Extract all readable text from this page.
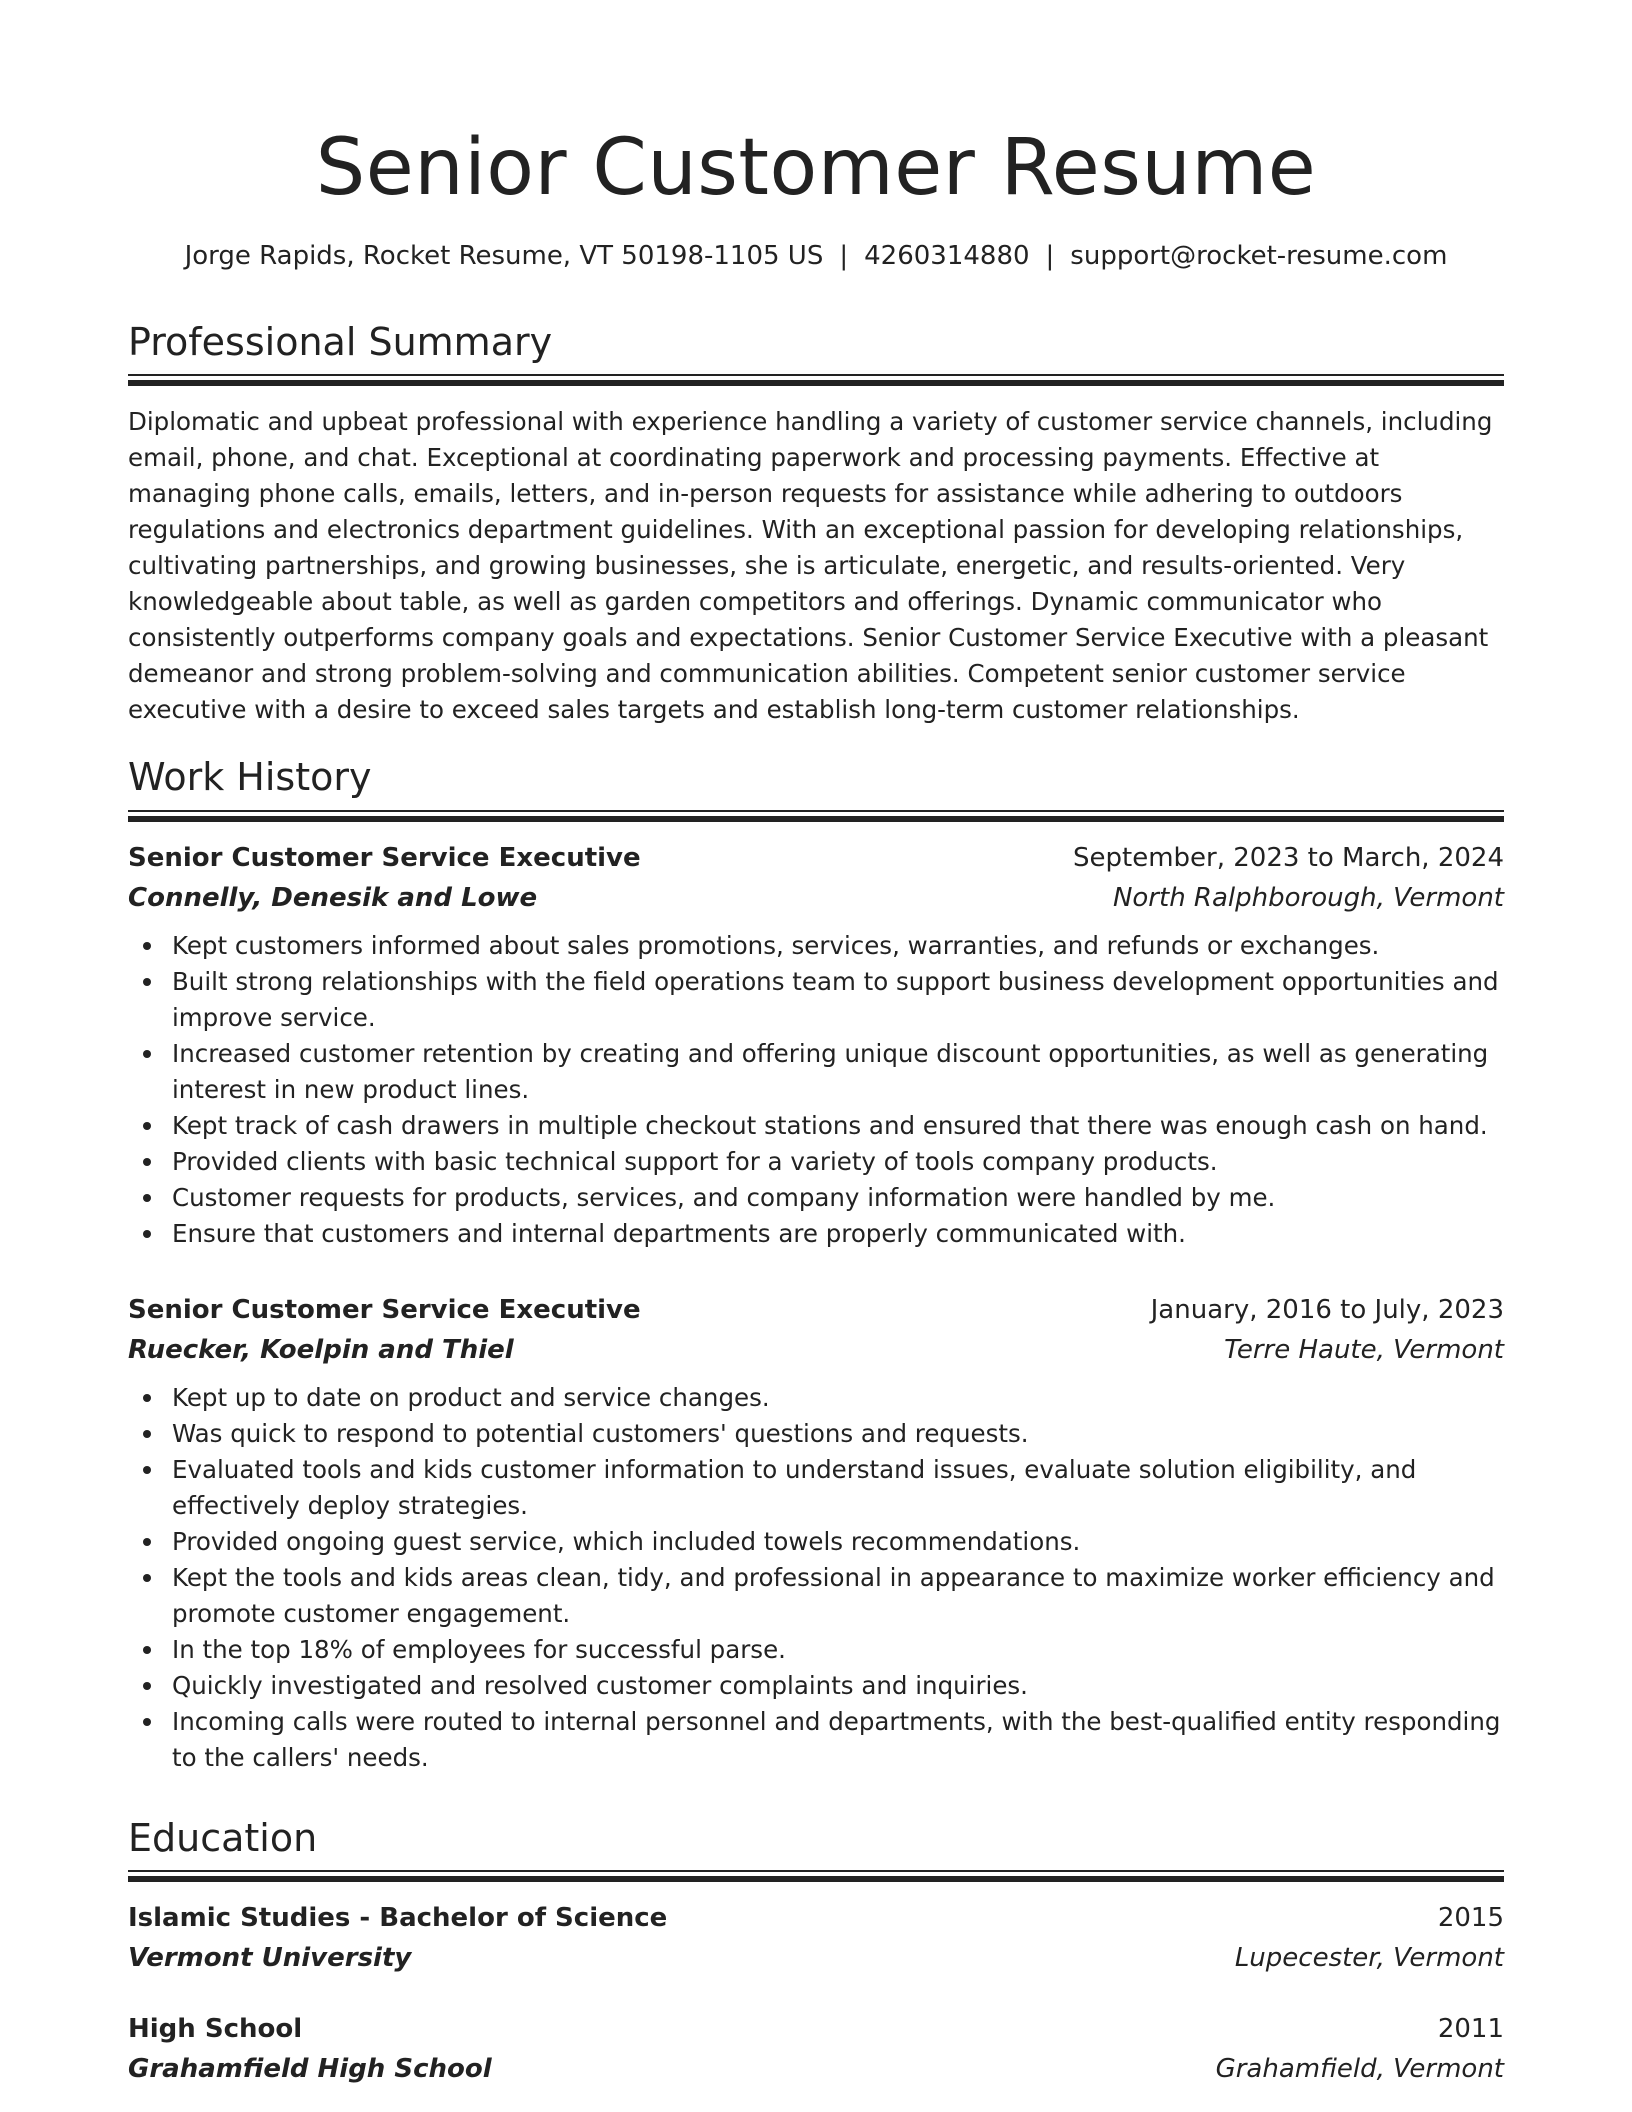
Senior Customer Resume
Jorge Rapids, Rocket Resume, VT 50198-1105 US | 4260314880 | support@rocket-resume.com
Professional Summary

Diplomatic and upbeat professional with experience handling a variety of customer service channels, including email, phone, and chat. Exceptional at coordinating paperwork and processing payments. Effective at managing phone calls, emails, letters, and in-person requests for assistance while adhering to outdoors regulations and electronics department guidelines. With an exceptional passion for developing relationships, cultivating partnerships, and growing businesses, she is articulate, energetic, and results-oriented. Very knowledgeable about table, as well as garden competitors and offerings. Dynamic communicator who consistently outperforms company goals and expectations. Senior Customer Service Executive with a pleasant demeanor and strong problem-solving and communication abilities. Competent senior customer service executive with a desire to exceed sales targets and establish long-term customer relationships.

Work History
Senior Customer Service Executive	September, 2023 to March, 2024
Connelly, Denesik and Lowe	North Ralphborough, Vermont
Kept customers informed about sales promotions, services, warranties, and refunds or exchanges.
Built strong relationships with the field operations team to support business development opportunities and improve service.
Increased customer retention by creating and offering unique discount opportunities, as well as generating interest in new product lines.
Kept track of cash drawers in multiple checkout stations and ensured that there was enough cash on hand.
Provided clients with basic technical support for a variety of tools company products.
Customer requests for products, services, and company information were handled by me.
Ensure that customers and internal departments are properly communicated with.
Senior Customer Service Executive	January, 2016 to July, 2023
Ruecker, Koelpin and Thiel	Terre Haute, Vermont
Kept up to date on product and service changes.
Was quick to respond to potential customers' questions and requests.
Evaluated tools and kids customer information to understand issues, evaluate solution eligibility, and effectively deploy strategies.
Provided ongoing guest service, which included towels recommendations.
Kept the tools and kids areas clean, tidy, and professional in appearance to maximize worker efficiency and promote customer engagement.
In the top 18% of employees for successful parse.
Quickly investigated and resolved customer complaints and inquiries.
Incoming calls were routed to internal personnel and departments, with the best-qualified entity responding to the callers' needs.
Education
Islamic Studies - Bachelor of Science	2015
Vermont University	Lupecester, Vermont
High School	2011
Grahamfield High School	Grahamfield, Vermont
